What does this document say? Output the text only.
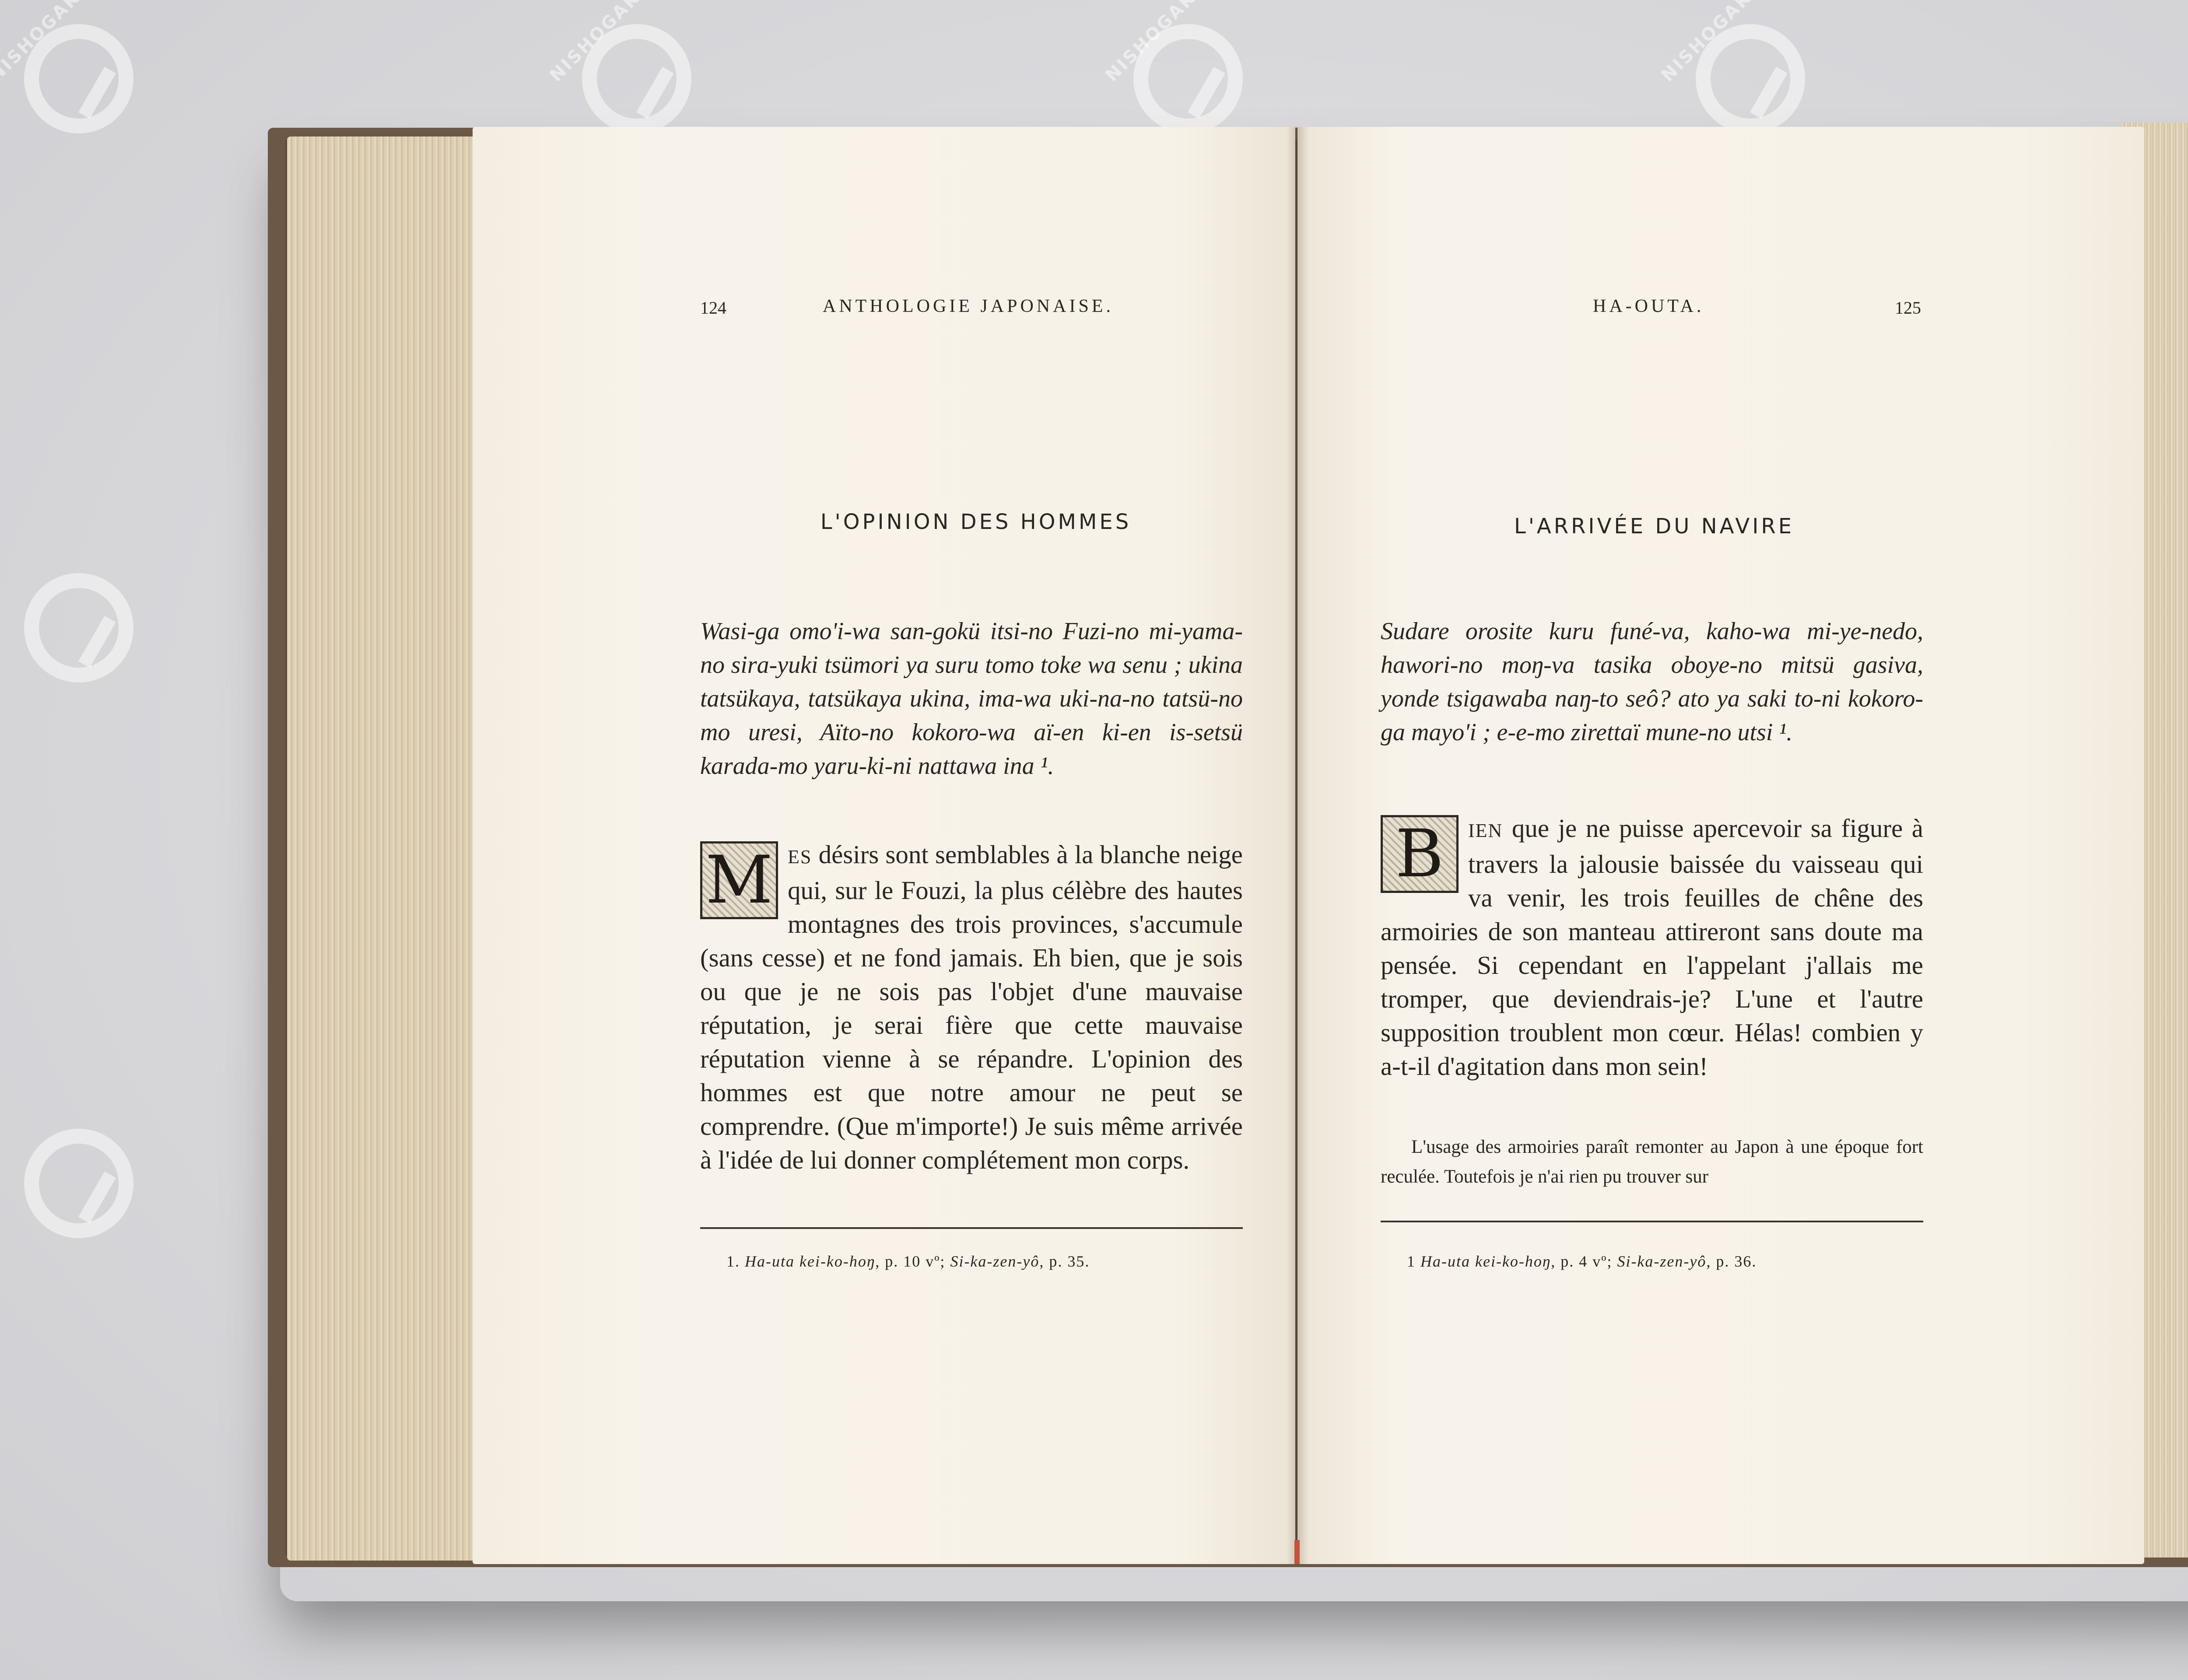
124	ANTHOLOGIE JAPONAISE.
L'OPINION DES HOMMES
Wasi-ga omo'i-wa san-gokü itsi-no Fuzi-no mi-yama-no sira-yuki tsümori ya suru tomo toke wa senu ; ukina tatsükaya, tatsükaya ukina, ima-wa uki-na-no tatsü-no mo uresi, Aïto-no kokoro-wa aï-en ki-en is-setsü karada-mo yaru-ki-ni nattawa ina ¹.
M ES désirs sont semblables à la blanche neige qui, sur le Fouzi, la plus célèbre des hautes montagnes des trois provinces, s'accumule (sans cesse) et ne fond jamais. Eh bien, que je sois ou que je ne sois pas l'objet d'une mauvaise réputation, je serai fière que cette mauvaise réputation vienne à se répandre. L'opinion des hommes est que notre amour ne peut se comprendre. (Que m'importe!) Je suis même arrivée à l'idée de lui donner complétement mon corps.
1. Ha-uta kei-ko-hoŋ, p. 10 vº; Si-ka-zen-yô, p. 35.
HA-OUTA.	125
L'ARRIVÉE DU NAVIRE
Sudare orosite kuru funé-va, kaho-wa mi-ye-nedo, hawori-no moŋ-va tasika oboye-no mitsü gasiva, yonde tsigawaba naŋ-to seô? ato ya saki to-ni kokoro-ga mayo'i ; e-e-mo zirettaï mune-no utsi ¹.
B	IEN que je ne puisse apercevoir sa figure à travers la jalousie baissée du vaisseau qui va venir, les trois feuilles de chêne des armoiries de son manteau attireront sans doute ma pensée. Si cependant en l'appelant j'allais me tromper, que deviendrais-je? L'une et l'autre supposition troublent mon cœur. Hélas! combien y a-t-il d'agitation dans mon sein!
L'usage des armoiries paraît remonter au Japon à une époque fort reculée. Toutefois je n'ai rien pu trouver sur
1 Ha-uta kei-ko-hoŋ, p. 4 vº; Si-ka-zen-yô, p. 36.
